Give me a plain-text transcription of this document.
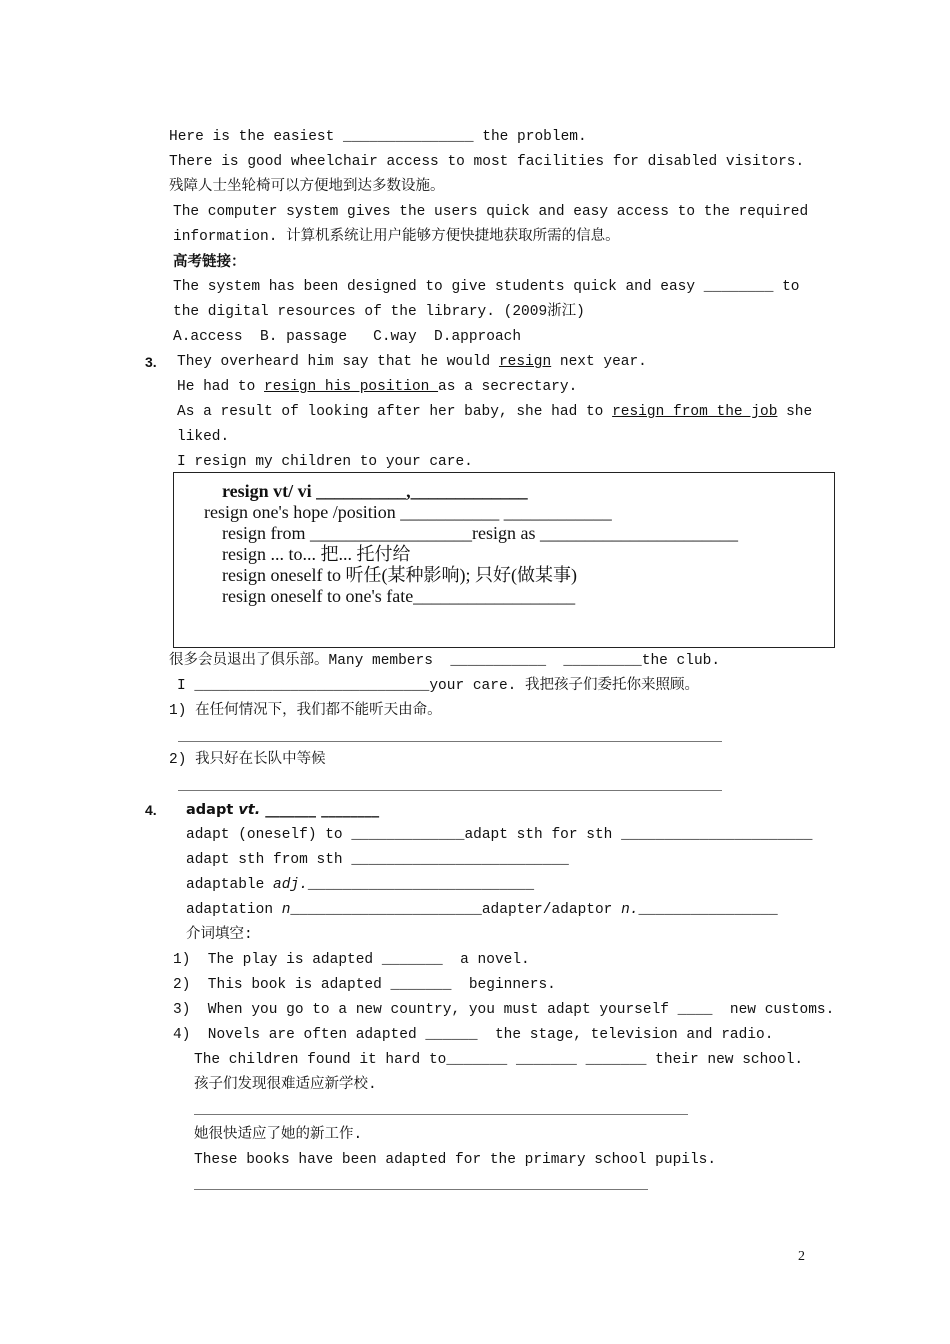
Here is the easiest _______________ the problem.
There is good wheelchair access to most facilities for disabled visitors.
残障人士坐轮椅可以方便地到达多数设施。
The computer system gives the users quick and easy access to the required
information. 计算机系统让用户能够方便快捷地获取所需的信息。
高考链接：
The system has been designed to give students quick and easy ________ to
the digital resources of the library. (2009浙江)
A.access  B. passage   C.way  D.approach
3. They overheard him say that he would resign next year.
He had to resign his position as a secrectary.
As a result of looking after her baby, she had to resign from the job she
liked.
I resign my children to your care.
resign vt/ vi __________,_____________
resign one's hope /position ___________ ____________
resign from __________________resign as ______________________
resign ... to... 把... 托付给
resign oneself to 听任(某种影响); 只好(做某事)
resign oneself to one's fate__________________
很多会员退出了俱乐部。Many members  ___________  _________the club.
I ___________________________your care. 我把孩子们委托你来照顾。
1) 在任何情况下，我们都不能听天由命。
2) 我只好在长队中等候
4. adapt vt. _______ ________
adapt (oneself) to _____________adapt sth for sth ______________________
adapt sth from sth _________________________
adaptable adj.__________________________
adaptation n______________________adapter/adaptor n.________________
介词填空:
1)  The play is adapted _______  a novel.
2)  This book is adapted _______  beginners.
3)  When you go to a new country, you must adapt yourself ____  new customs.
4)  Novels are often adapted ______  the stage, television and radio.
The children found it hard to_______ _______ _______ their new school.
孩子们发现很难适应新学校.
她很快适应了她的新工作.
These books have been adapted for the primary school pupils.
2
